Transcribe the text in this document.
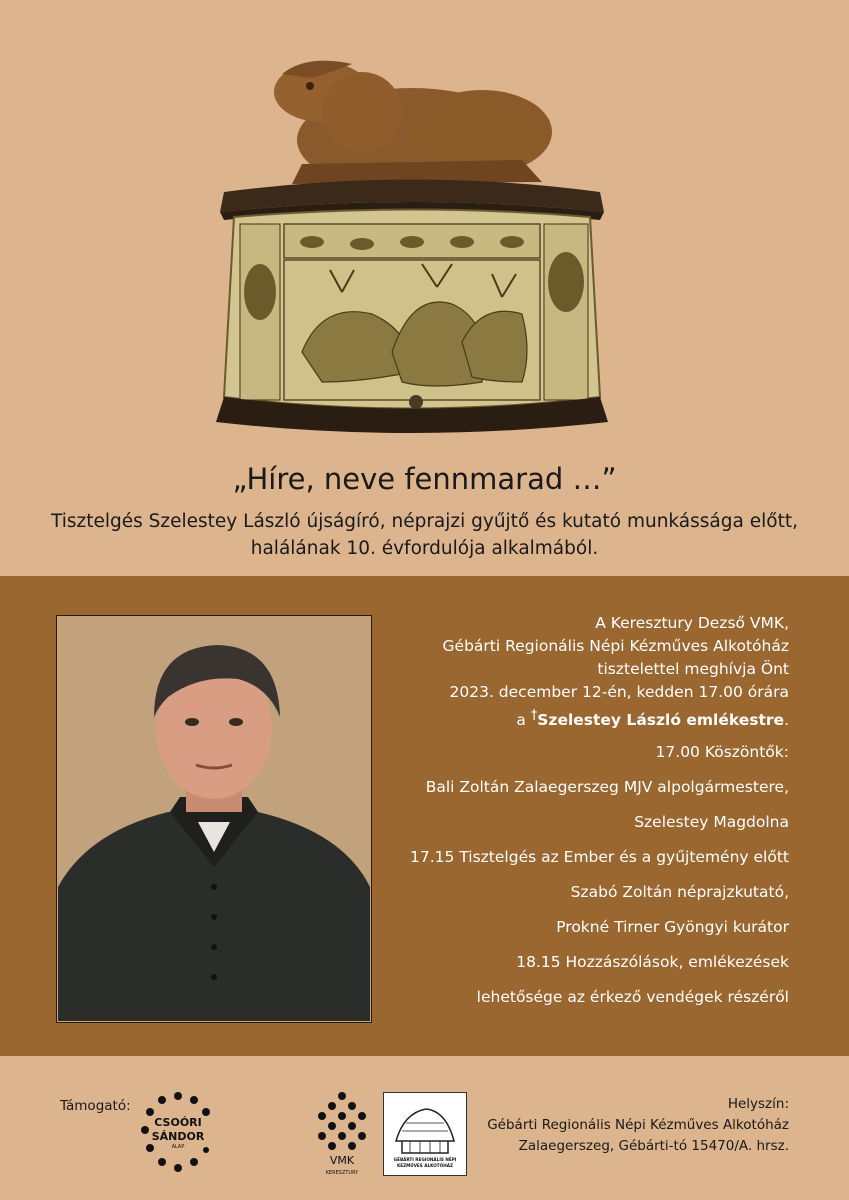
„Híre, neve fennmarad …”
Tisztelgés Szelestey László újságíró, néprajzi gyűjtő és kutató munkássága előtt,
halálának 10. évfordulója alkalmából.
A Keresztury Dezső VMK,
Gébárti Regionális Népi Kézműves Alkotóház
tisztelettel meghívja Önt
2023. december 12-én, kedden 17.00 órára
a †Szelestey László emlékestre.
17.00 Köszöntők:
Bali Zoltán Zalaegerszeg MJV alpolgármestere,
Szelestey Magdolna
17.15 Tisztelgés az Ember és a gyűjtemény előtt
Szabó Zoltán néprajzkutató,
Prokné Tirner Gyöngyi kurátor
18.15 Hozzászólások, emlékezések
lehetősége az érkező vendégek részéről
Támogató:
CSOÓRI
SÁNDOR
ALAP
VMK
KERESZTURY
GÉBÁRTI REGIONÁLIS NÉPI
KÉZMŰVES ALKOTÓHÁZ
Helyszín:
Gébárti Regionális Népi Kézműves Alkotóház
Zalaegerszeg, Gébárti-tó 15470/A. hrsz.
